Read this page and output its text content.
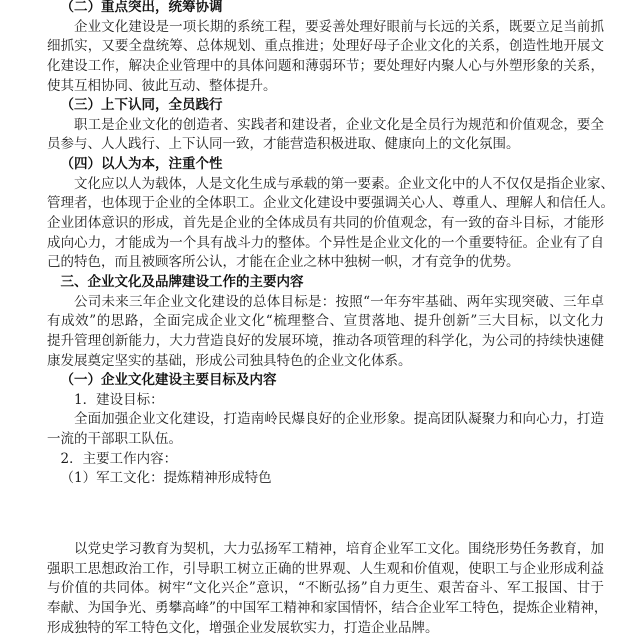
（二）重点突出，统筹协调
企业文化建设是一项长期的系统工程，要妥善处理好眼前与长远的关系，既要立足当前抓
细抓实，又要全盘统筹、总体规划、重点推进；处理好母子企业文化的关系，创造性地开展文
化建设工作，解决企业管理中的具体问题和薄弱环节；要处理好内聚人心与外塑形象的关系，
使其互相协同、彼此互动、整体提升。
（三）上下认同，全员践行
职工是企业文化的创造者、实践者和建设者，企业文化是全员行为规范和价值观念，要全
员参与、人人践行、上下认同一致，才能营造积极进取、健康向上的文化氛围。
（四）以人为本，注重个性
文化应以人为载体，人是文化生成与承载的第一要素。企业文化中的人不仅仅是指企业家、
管理者，也体现于企业的全体职工。企业文化建设中要强调关心人、尊重人、理解人和信任人。
企业团体意识的形成，首先是企业的全体成员有共同的价值观念，有一致的奋斗目标，才能形
成向心力，才能成为一个具有战斗力的整体。个异性是企业文化的一个重要特征。企业有了自
己的特色，而且被顾客所公认，才能在企业之林中独树一帜，才有竞争的优势。
三、企业文化及品牌建设工作的主要内容
公司未来三年企业文化建设的总体目标是：按照“一年夯牢基础、两年实现突破、三年卓
有成效”的思路，全面完成企业文化“梳理整合、宣贯落地、提升创新”三大目标，以文化力
提升管理创新能力，大力营造良好的发展环境，推动各项管理的科学化，为公司的持续快速健
康发展奠定坚实的基础，形成公司独具特色的企业文化体系。
（一）企业文化建设主要目标及内容
1．建设目标：
全面加强企业文化建设，打造南岭民爆良好的企业形象。提高团队凝聚力和向心力，打造
一流的干部职工队伍。
2．主要工作内容：
（1）军工文化：提炼精神形成特色
以党史学习教育为契机，大力弘扬军工精神，培育企业军工文化。围绕形势任务教育，加
强职工思想政治工作，引导职工树立正确的世界观、人生观和价值观，使职工与企业形成利益
与价值的共同体。树牢“文化兴企”意识，“不断弘扬”自力更生、艰苦奋斗、军工报国、甘于
奉献、为国争光、勇攀高峰”的中国军工精神和家国情怀，结合企业军工特色，提炼企业精神，
形成独特的军工特色文化，增强企业发展软实力，打造企业品牌。
